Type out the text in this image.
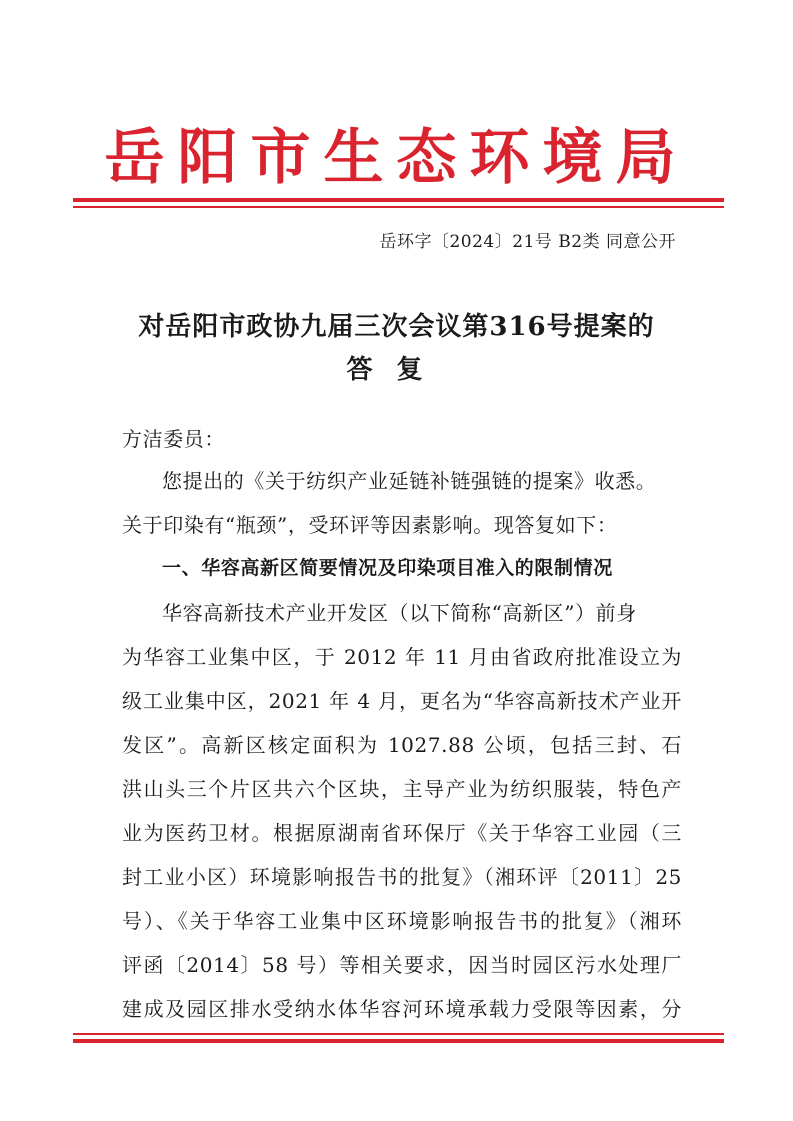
岳阳市生态环境局
岳环字〔2024〕21号 B2类 同意公开
对岳阳市政协九届三次会议第316号提案的
答复
方洁委员：
您提出的《关于纺织产业延链补链强链的提案》收悉。
关于印染有“瓶颈”，受环评等因素影响。现答复如下：
一、华容高新区简要情况及印染项目准入的限制情况
华容高新技术产业开发区（以下简称“高新区”）前身
为华容工业集中区，于 2012 年 11 月由省政府批准设立为
级工业集中区，2021 年 4 月，更名为“华容高新技术产业开
发区”。高新区核定面积为 1027.88 公顷，包括三封、石
洪山头三个片区共六个区块，主导产业为纺织服装，特色产
业为医药卫材。根据原湖南省环保厅《关于华容工业园（三
封工业小区）环境影响报告书的批复》（湘环评〔2011〕25
号）、《关于华容工业集中区环境影响报告书的批复》（湘环
评函〔2014〕58 号）等相关要求，因当时园区污水处理厂
建成及园区排水受纳水体华容河环境承载力受限等因素，分
